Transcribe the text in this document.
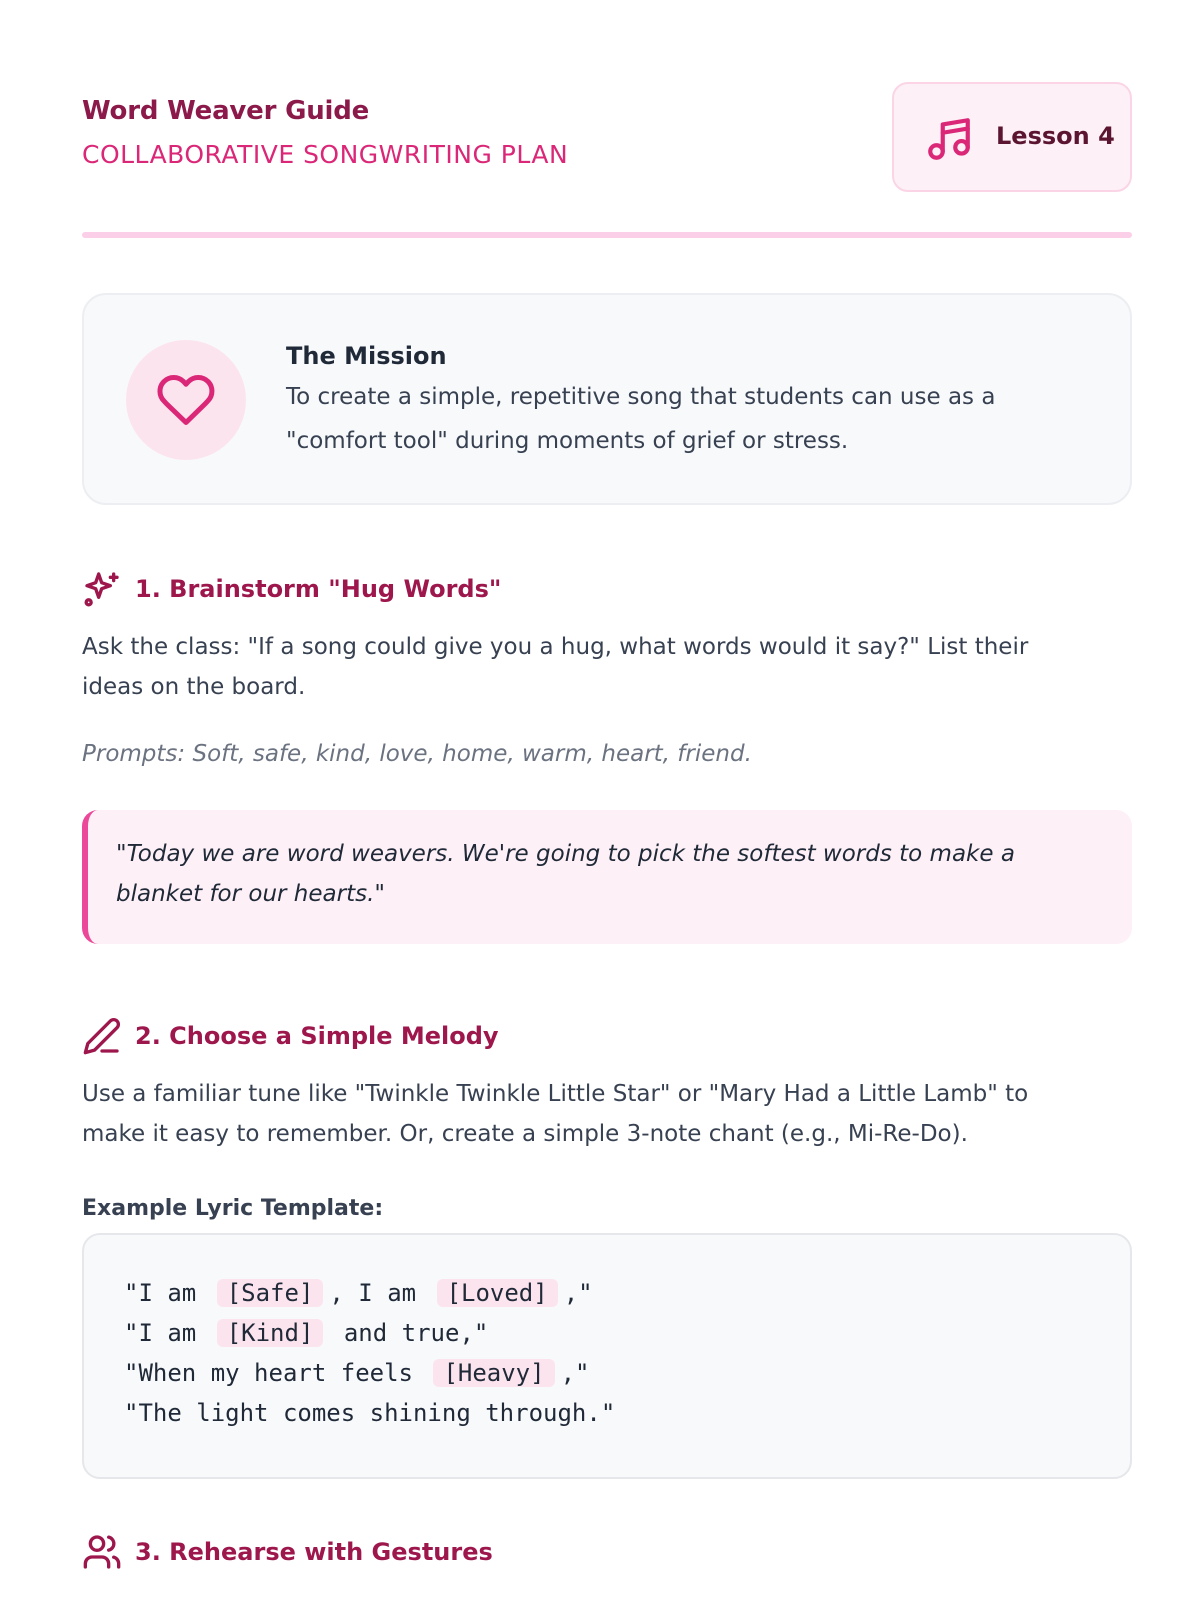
Word Weaver Guide
COLLABORATIVE SONGWRITING PLAN
Lesson 4
The Mission
To create a simple, repetitive song that students can use as a "comfort tool" during moments of grief or stress.
1. Brainstorm "Hug Words"
Ask the class: "If a song could give you a hug, what words would it say?" List their ideas on the board.
Prompts: Soft, safe, kind, love, home, warm, heart, friend.
"Today we are word weavers. We're going to pick the softest words to make a blanket for our hearts."
2. Choose a Simple Melody
Use a familiar tune like "Twinkle Twinkle Little Star" or "Mary Had a Little Lamb" to make it easy to remember. Or, create a simple 3-note chant (e.g., Mi-Re-Do).
Example Lyric Template:
"I am [Safe] , I am [Loved] ,"
"I am [Kind] and true,"
"When my heart feels [Heavy] ,"
"The light comes shining through."
3. Rehearse with Gestures
